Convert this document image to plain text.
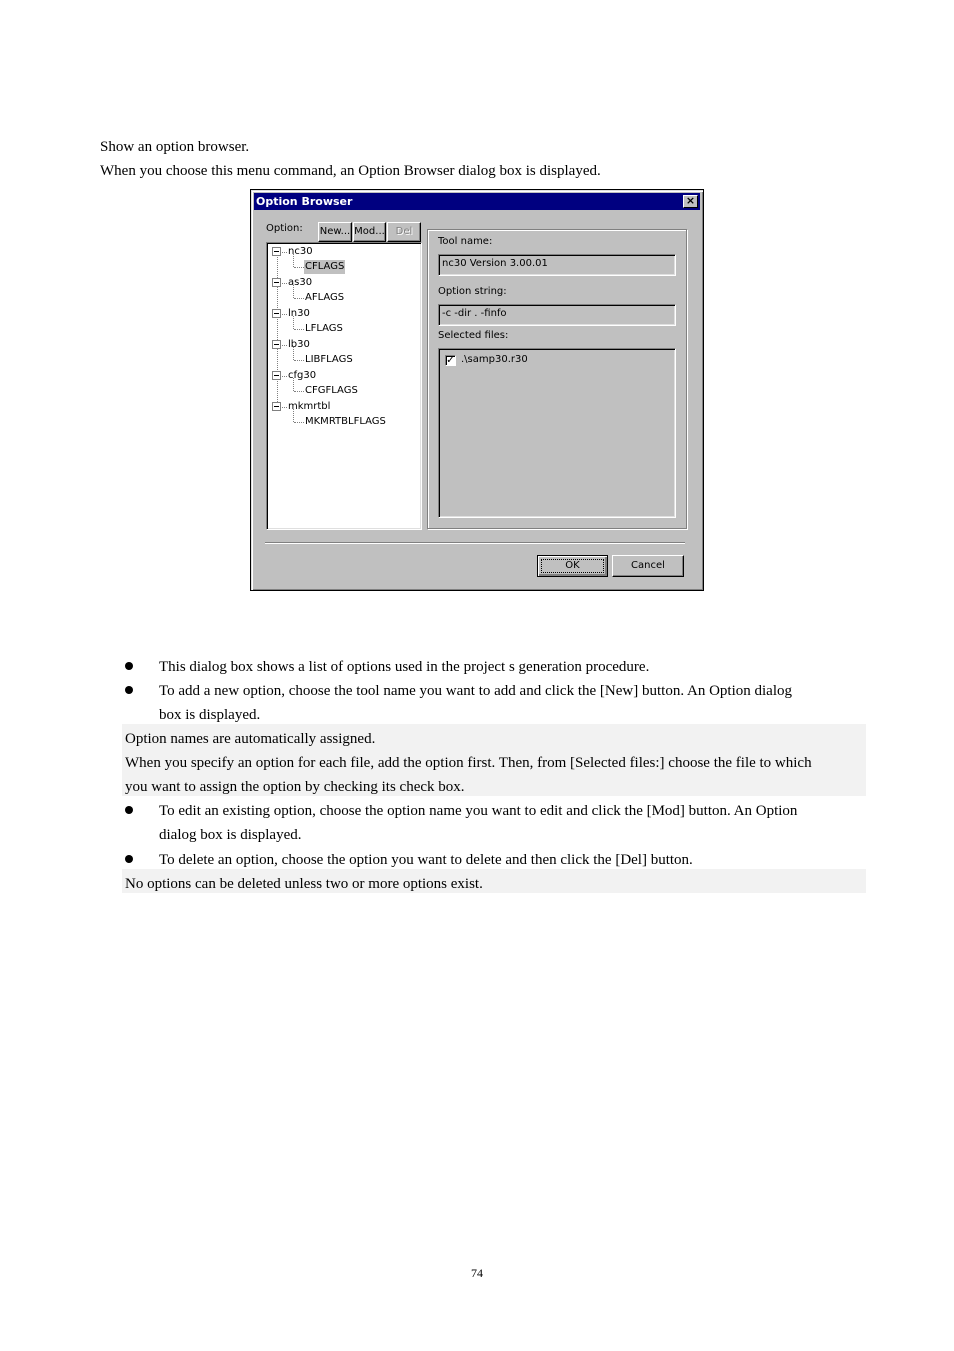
Show an option browser.
When you choose this menu command, an Option Browser dialog box is displayed.
Option Browser	×
Option: New... Mod...	Del
nc30
CFLAGS
as30
AFLAGS
ln30
LFLAGS
lb30
LIBFLAGS
cfg30
CFGFLAGS
mkmrtbl
MKMRTBLFLAGS
Tool name:
nc30 Version 3.00.01
Option string:
-c -dir . -finfo
Selected files:
✓ .\samp30.r30
OK	Cancel
This dialog box shows a list of options used in the project s generation procedure.
To add a new option, choose the tool name you want to add and click the [New] button. An Option dialog
box is displayed.
Option names are automatically assigned.
When you specify an option for each file, add the option first. Then, from [Selected files:] choose the file to which
you want to assign the option by checking its check box.
To edit an existing option, choose the option name you want to edit and click the [Mod] button. An Option
dialog box is displayed.
To delete an option, choose the option you want to delete and then click the [Del] button.
No options can be deleted unless two or more options exist.
74
